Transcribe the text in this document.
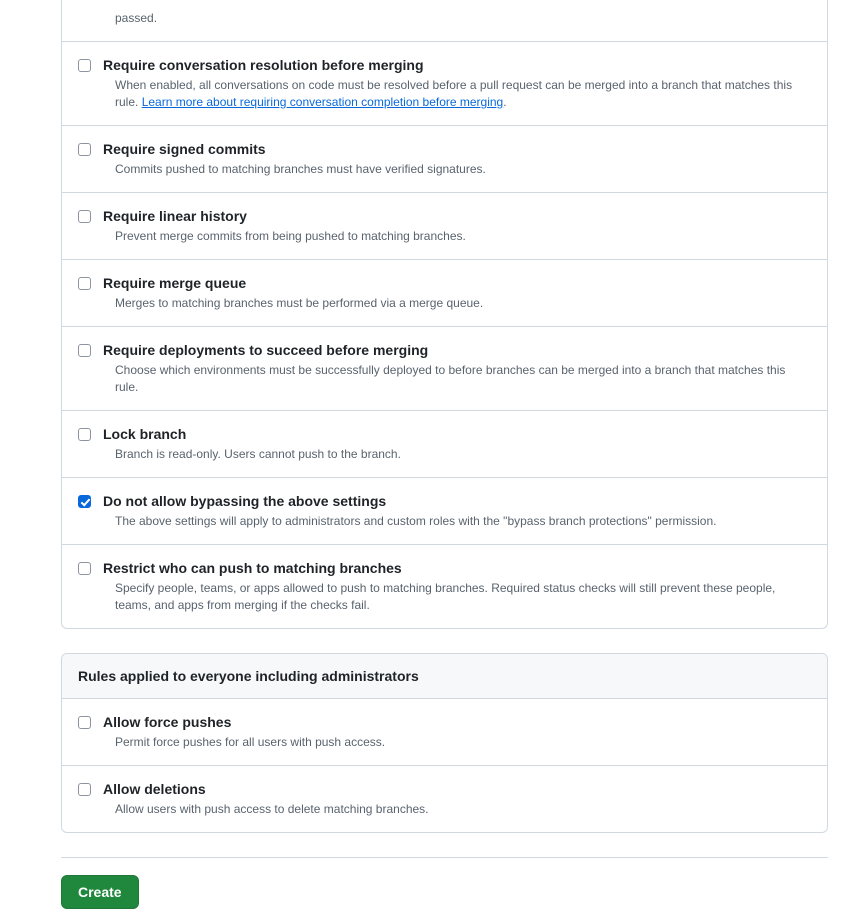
passed.
Require conversation resolution before merging
When enabled, all conversations on code must be resolved before a pull request can be merged into a branch that matches this rule. Learn more about requiring conversation completion before merging.
Require signed commits
Commits pushed to matching branches must have verified signatures.
Require linear history
Prevent merge commits from being pushed to matching branches.
Require merge queue
Merges to matching branches must be performed via a merge queue.
Require deployments to succeed before merging
Choose which environments must be successfully deployed to before branches can be merged into a branch that matches this rule.
Lock branch
Branch is read-only. Users cannot push to the branch.
Do not allow bypassing the above settings
The above settings will apply to administrators and custom roles with the "bypass branch protections" permission.
Restrict who can push to matching branches
Specify people, teams, or apps allowed to push to matching branches. Required status checks will still prevent these people, teams, and apps from merging if the checks fail.
Rules applied to everyone including administrators
Allow force pushes
Permit force pushes for all users with push access.
Allow deletions
Allow users with push access to delete matching branches.
Create
